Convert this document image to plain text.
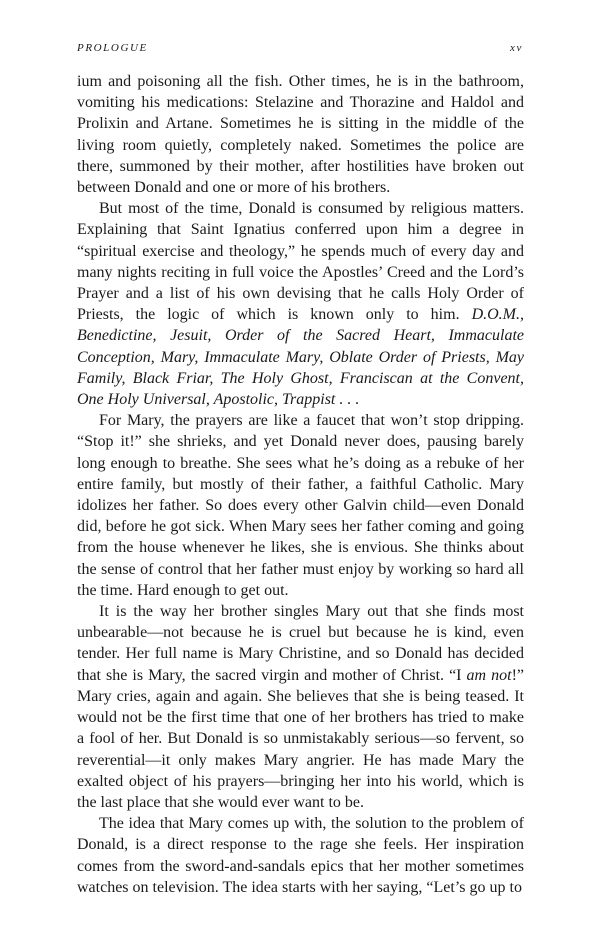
PROLOGUE	xv

ium and poisoning all the fish. Other times, he is in the bathroom, vomiting his medications: Stelazine and Thorazine and Haldol and Prolixin and Artane. Sometimes he is sitting in the middle of the living room quietly, completely naked. Sometimes the police are there, summoned by their mother, after hostilities have broken out between Donald and one or more of his brothers.

But most of the time, Donald is consumed by religious matters. Explaining that Saint Ignatius conferred upon him a degree in “spiritual exercise and theology,” he spends much of every day and many nights reciting in full voice the Apostles’ Creed and the Lord’s Prayer and a list of his own devising that he calls Holy Order of Priests, the logic of which is known only to him. D.O.M., Benedictine, Jesuit, Order of the Sacred Heart, Immaculate Conception, Mary, Immaculate Mary, Oblate Order of Priests, May Family, Black Friar, The Holy Ghost, Franciscan at the Convent, One Holy Universal, Apostolic, Trappist . . .

For Mary, the prayers are like a faucet that won’t stop dripping. “Stop it!” she shrieks, and yet Donald never does, pausing barely long enough to breathe. She sees what he’s doing as a rebuke of her entire family, but mostly of their father, a faithful Catholic. Mary idolizes her father. So does every other Galvin child—even Donald did, before he got sick. When Mary sees her father coming and going from the house whenever he likes, she is envious. She thinks about the sense of control that her father must enjoy by working so hard all the time. Hard enough to get out.

It is the way her brother singles Mary out that she finds most unbearable—not because he is cruel but because he is kind, even tender. Her full name is Mary Christine, and so Donald has decided that she is Mary, the sacred virgin and mother of Christ. “I am not!” Mary cries, again and again. She believes that she is being teased. It would not be the first time that one of her brothers has tried to make a fool of her. But Donald is so unmistakably serious—so fervent, so reverential—it only makes Mary angrier. He has made Mary the exalted object of his prayers—bringing her into his world, which is the last place that she would ever want to be.

The idea that Mary comes up with, the solution to the problem of Donald, is a direct response to the rage she feels. Her inspiration comes from the sword-and-sandals epics that her mother sometimes watches on television. The idea starts with her saying, “Let’s go up to
